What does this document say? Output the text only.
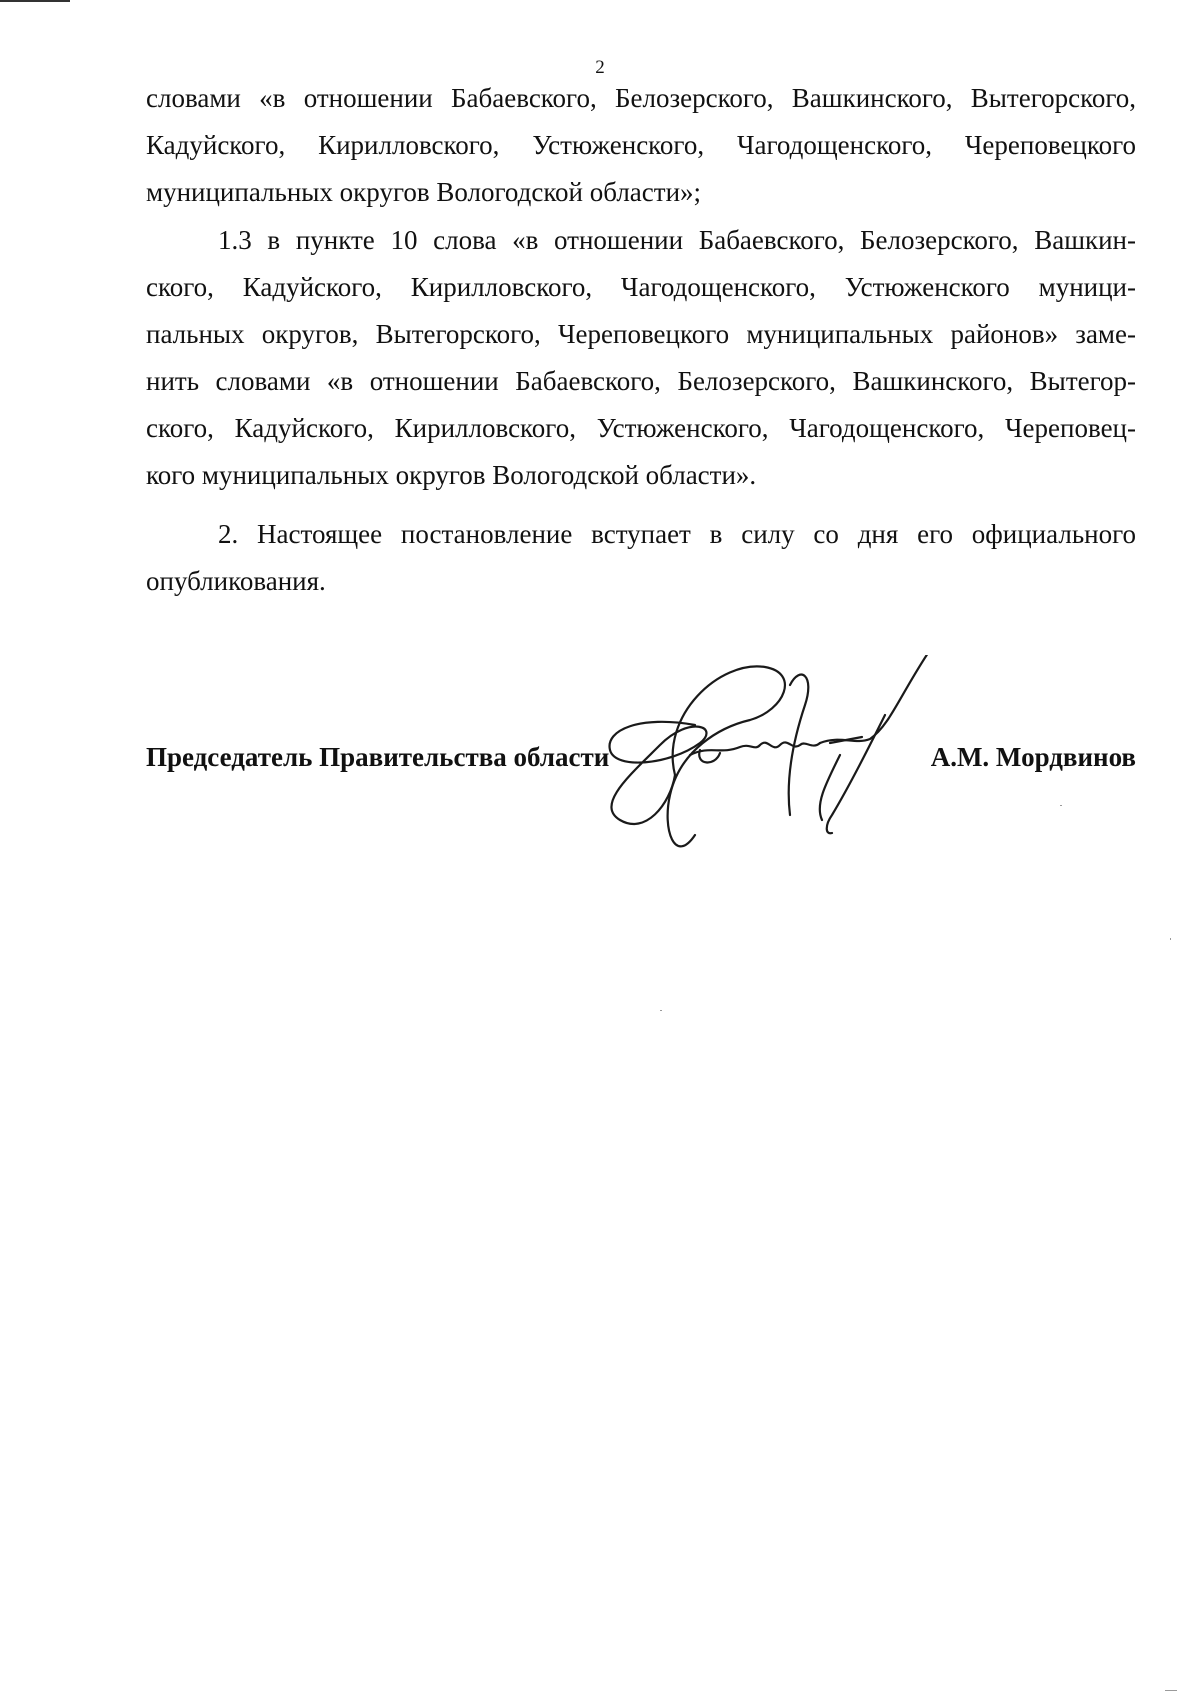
2
словами «в отношении Бабаевского, Белозерского, Вашкинского, Вытегорского,
Кадуйского, Кирилловского, Устюженского, Чагодощенского, Череповецкого
муниципальных округов Вологодской области»;
1.3 в пункте 10 слова «в отношении Бабаевского, Белозерского, Вашкин-
ского, Кадуйского, Кирилловского, Чагодощенского, Устюженского муници-
пальных округов, Вытегорского, Череповецкого муниципальных районов» заме-
нить словами «в отношении Бабаевского, Белозерского, Вашкинского, Вытегор-
ского, Кадуйского, Кирилловского, Устюженского, Чагодощенского, Череповец-
кого муниципальных округов Вологодской области».
2. Настоящее постановление вступает в силу со дня его официального
опубликования.
Председатель Правительства области	А.М. Мордвинов
